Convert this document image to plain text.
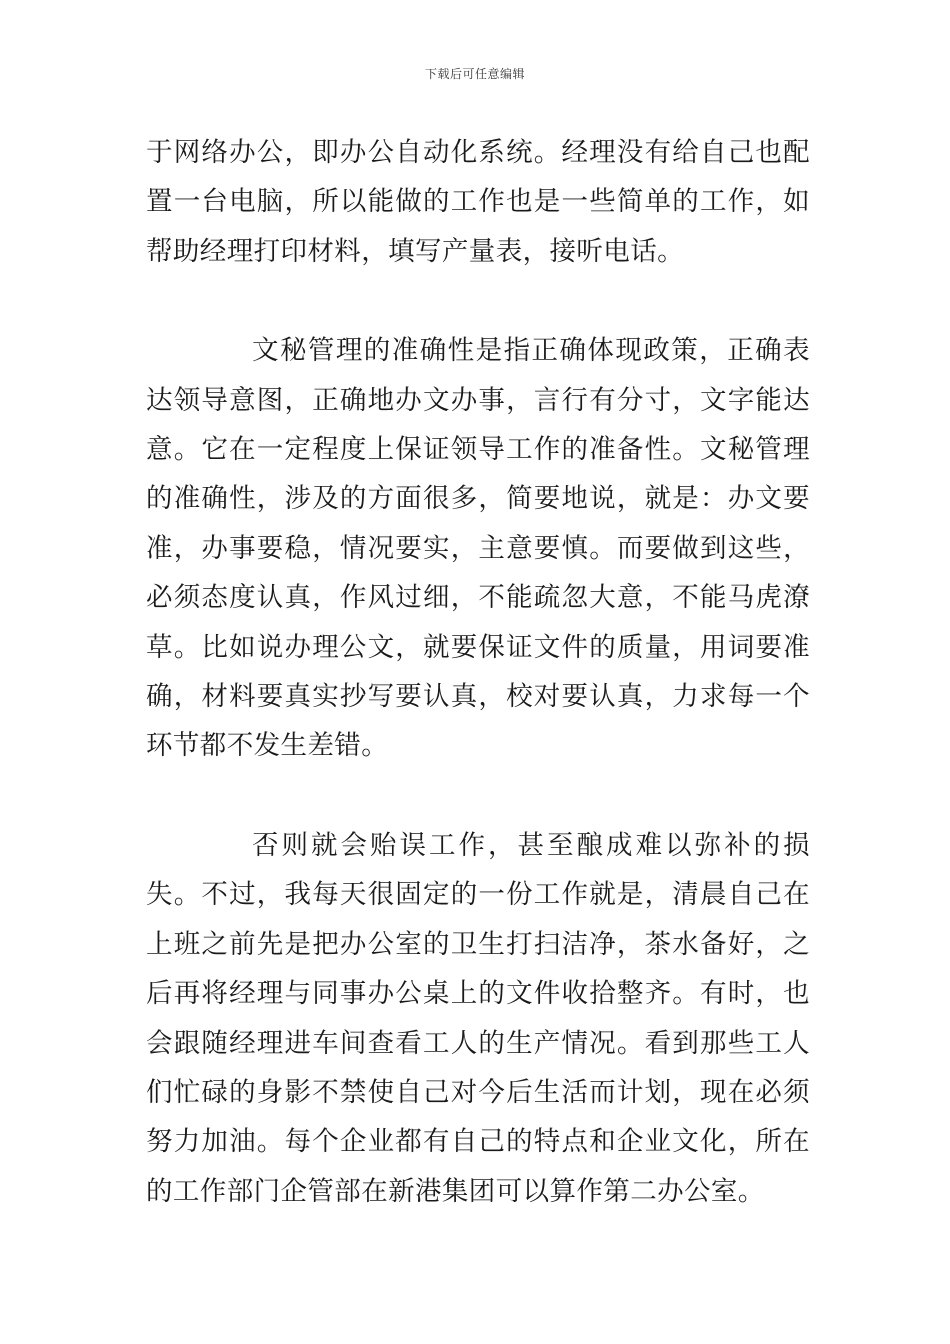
下载后可任意编辑

于网络办公，即办公自动化系统。经理没有给自己也配置一台电脑，所以能做的工作也是一些简单的工作，如帮助经理打印材料，填写产量表，接听电话。

文秘管理的准确性是指正确体现政策，正确表达领导意图，正确地办文办事，言行有分寸，文字能达意。它在一定程度上保证领导工作的准备性。文秘管理的准确性，涉及的方面很多，简要地说，就是：办文要准，办事要稳，情况要实，主意要慎。而要做到这些，必须态度认真，作风过细，不能疏忽大意，不能马虎潦草。比如说办理公文，就要保证文件的质量，用词要准确，材料要真实抄写要认真，校对要认真，力求每一个环节都不发生差错。

否则就会贻误工作，甚至酿成难以弥补的损失。不过，我每天很固定的一份工作就是，清晨自己在上班之前先是把办公室的卫生打扫洁净，茶水备好，之后再将经理与同事办公桌上的文件收拾整齐。有时，也会跟随经理进车间查看工人的生产情况。看到那些工人们忙碌的身影不禁使自己对今后生活而计划，现在必须努力加油。每个企业都有自己的特点和企业文化，所在的工作部门企管部在新港集团可以算作第二办公室。
